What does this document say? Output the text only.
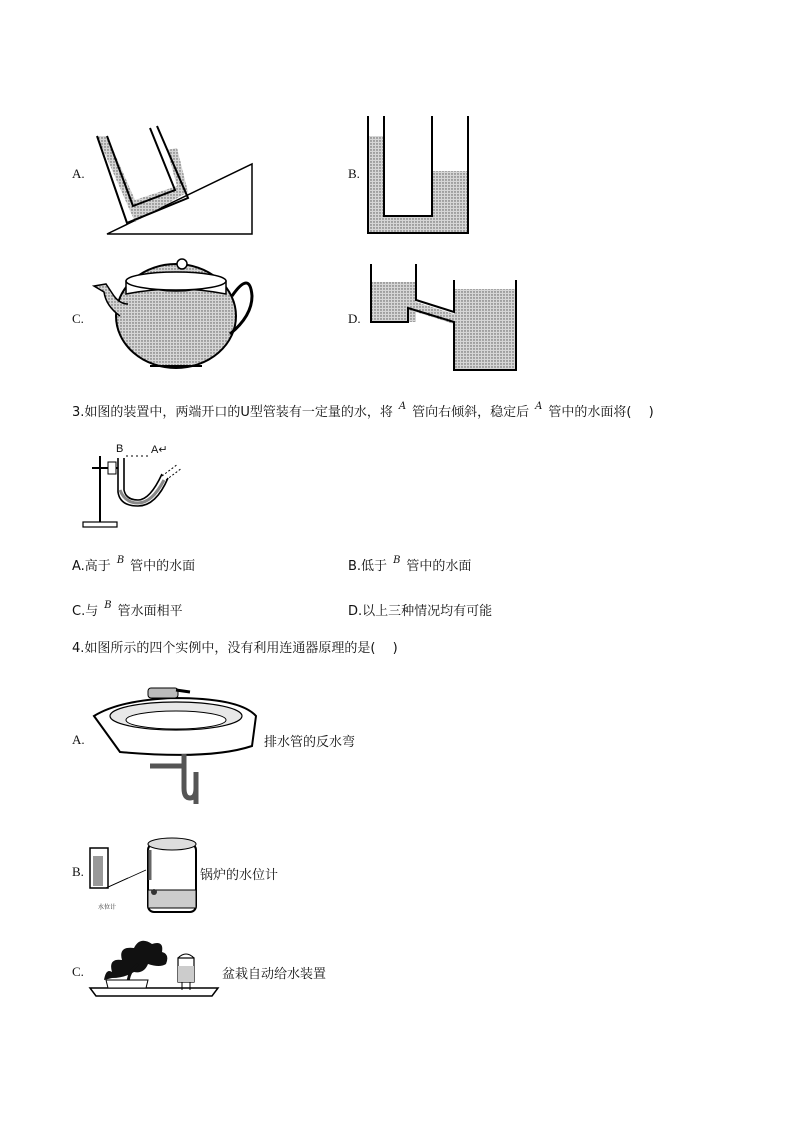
A.	B.
C.	D.
3.如图的装置中，两端开口的U型管装有一定量的水，将 $^A$ 管向右倾斜，稳定后 $^A$ 管中的水面将(　 )
B	A↵
A.高于 $^B$ 管中的水面	B.低于 $^B$ 管中的水面
C.与 $^B$ 管水面相平	D.以上三种情况均有可能
4.如图所示的四个实例中，没有利用连通器原理的是(　 )
A.	排水管的反水弯
B.
水位计
锅炉的水位计
C.	盆栽自动给水装置
